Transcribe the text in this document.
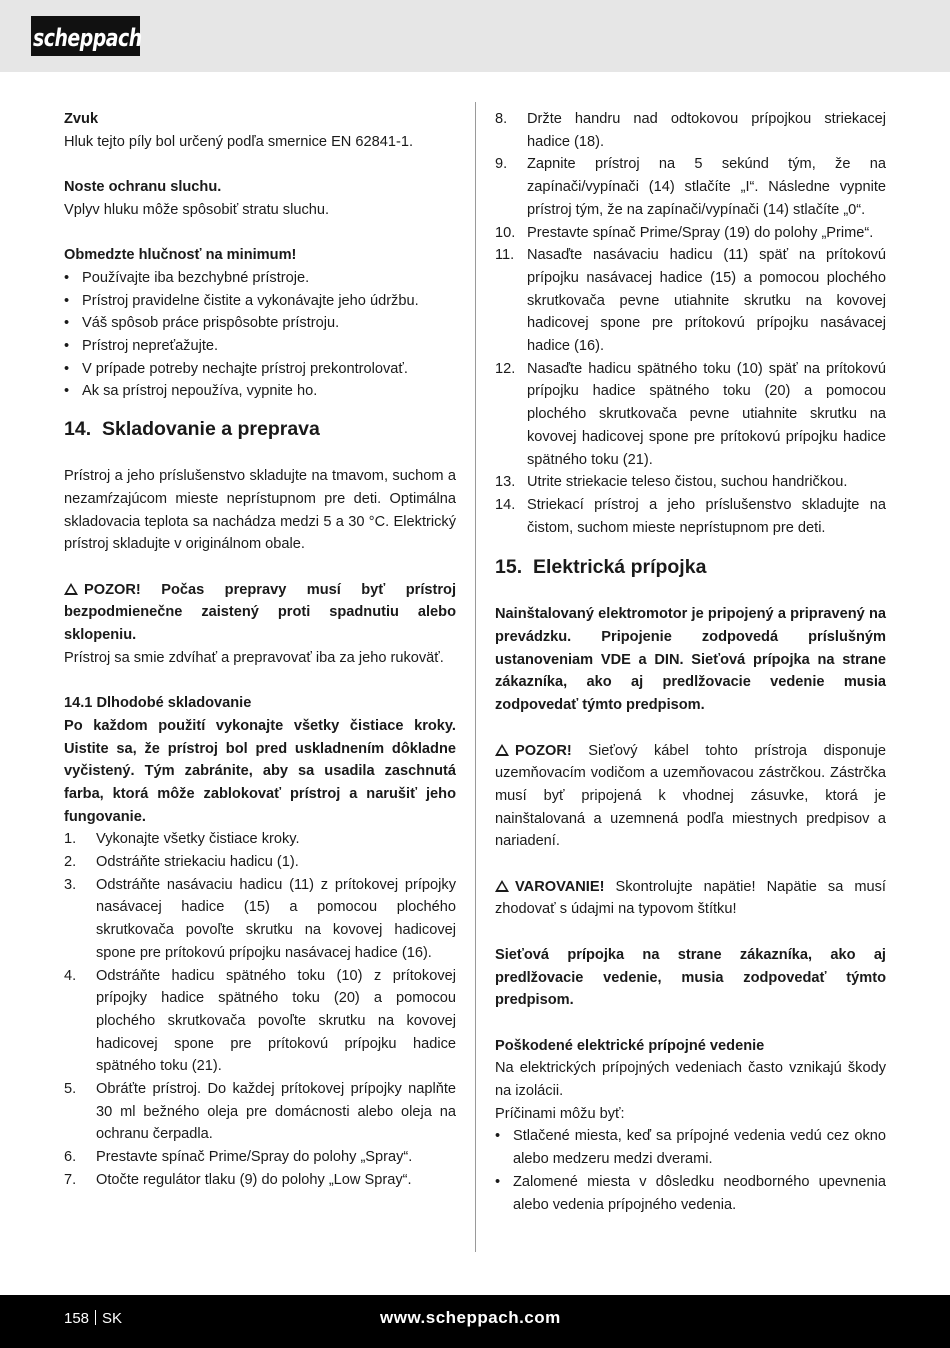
scheppach

Zvuk

Hluk tejto píly bol určený podľa smernice EN 62841-1.

Noste ochranu sluchu.

Vplyv hluku môže spôsobiť stratu sluchu.

Obmedzte hlučnosť na minimum!

• Používajte iba bezchybné prístroje.
• Prístroj pravidelne čistite a vykonávajte jeho údržbu.
• Váš spôsob práce prispôsobte prístroju.
• Prístroj nepreťažujte.
• V prípade potreby nechajte prístroj prekontrolovať.
• Ak sa prístroj nepoužíva, vypnite ho.
14. Skladovanie a preprava

Prístroj a jeho príslušenstvo skladujte na tmavom, suchom a nezamŕzajúcom mieste neprístupnom pre deti. Optimálna skladovacia teplota sa nachádza medzi 5 a 30 °C. Elektrický prístroj skladujte v originálnom obale.

POZOR! Počas prepravy musí byť prístroj bezpodmienečne zaistený proti spadnutiu alebo sklopeniu.

Prístroj sa smie zdvíhať a prepravovať iba za jeho rukoväť.

14.1 Dlhodobé skladovanie

Po každom použití vykonajte všetky čistiace kroky. Uistite sa, že prístroj bol pred uskladnením dôkladne vyčistený. Tým zabránite, aby sa usadila zaschnutá farba, ktorá môže zablokovať prístroj a narušiť jeho fungovanie.

1. Vykonajte všetky čistiace kroky.
2. Odstráňte striekaciu hadicu (1).
3. Odstráňte nasávaciu hadicu (11) z prítokovej prípojky nasávacej hadice (15) a pomocou plochého skrutkovača povoľte skrutku na kovovej hadicovej spone pre prítokovú prípojku nasávacej hadice (16).
4. Odstráňte hadicu spätného toku (10) z prítokovej prípojky hadice spätného toku (20) a pomocou plochého skrutkovača povoľte skrutku na kovovej hadicovej spone pre prítokovú prípojku hadice spätného toku (21).
5. Obráťte prístroj. Do každej prítokovej prípojky naplňte 30 ml bežného oleja pre domácnosti alebo oleja na ochranu čerpadla.
6. Prestavte spínač Prime/Spray do polohy „Spray“.
7. Otočte regulátor tlaku (9) do polohy „Low Spray“.
8. Držte handru nad odtokovou prípojkou striekacej hadice (18).
9. Zapnite prístroj na 5 sekúnd tým, že na zapínači/vypínači (14) stlačíte „I“. Následne vypnite prístroj tým, že na zapínači/vypínači (14) stlačíte „0“.
10. Prestavte spínač Prime/Spray (19) do polohy „Prime“.
11. Nasaďte nasávaciu hadicu (11) späť na prítokovú prípojku nasávacej hadice (15) a pomocou plochého skrutkovača pevne utiahnite skrutku na kovovej hadicovej spone pre prítokovú prípojku nasávacej hadice (16).
12. Nasaďte hadicu spätného toku (10) späť na prítokovú prípojku hadice spätného toku (20) a pomocou plochého skrutkovača pevne utiahnite skrutku na kovovej hadicovej spone pre prítokovú prípojku hadice spätného toku (21).
13. Utrite striekacie teleso čistou, suchou handričkou.
14. Striekací prístroj a jeho príslušenstvo skladujte na čistom, suchom mieste neprístupnom pre deti.
15. Elektrická prípojka

Nainštalovaný elektromotor je pripojený a pripravený na prevádzku. Pripojenie zodpovedá príslušným ustanoveniam VDE a DIN. Sieťová prípojka na strane zákazníka, ako aj predlžovacie vedenie musia zodpovedať týmto predpisom.

POZOR! Sieťový kábel tohto prístroja disponuje uzemňovacím vodičom a uzemňovacou zástrčkou. Zástrčka musí byť pripojená k vhodnej zásuvke, ktorá je nainštalovaná a uzemnená podľa miestnych predpisov a nariadení.

VAROVANIE! Skontrolujte napätie! Napätie sa musí zhodovať s údajmi na typovom štítku!

Sieťová prípojka na strane zákazníka, ako aj predlžovacie vedenie, musia zodpovedať týmto predpisom.

Poškodené elektrické prípojné vedenie

Na elektrických prípojných vedeniach často vznikajú škody na izolácii.

Príčinami môžu byť:

• Stlačené miesta, keď sa prípojné vedenia vedú cez okno alebo medzeru medzi dverami.
• Zalomené miesta v dôsledku neodborného upevnenia alebo vedenia prípojného vedenia.
158 SK	www.scheppach.com
